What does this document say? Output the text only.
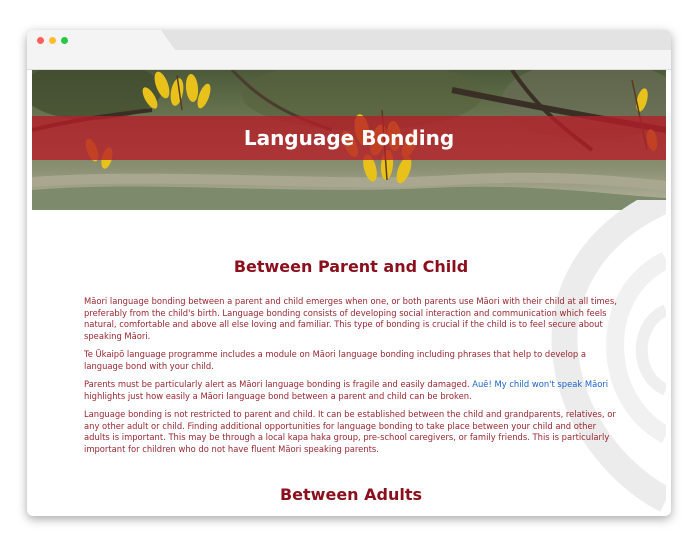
Language Bonding
Between Parent and Child

Māori language bonding between a parent and child emerges when one, or both parents use Māori with their child at all times, preferably from the child's birth. Language bonding consists of developing social interaction and communication which feels natural, comfortable and above all else loving and familiar. This type of bonding is crucial if the child is to feel secure about speaking Māori.

Te Ūkaipō language programme includes a module on Māori language bonding including phrases that help to develop a language bond with your child.

Parents must be particularly alert as Māori language bonding is fragile and easily damaged. Auē! My child won't speak Māori highlights just how easily a Māori language bond between a parent and child can be broken.

Language bonding is not restricted to parent and child. It can be established between the child and grandparents, relatives, or any other adult or child. Finding additional opportunities for language bonding to take place between your child and other adults is important. This may be through a local kapa haka group, pre-school caregivers, or family friends. This is particularly important for children who do not have fluent Māori speaking parents.

Between Adults
